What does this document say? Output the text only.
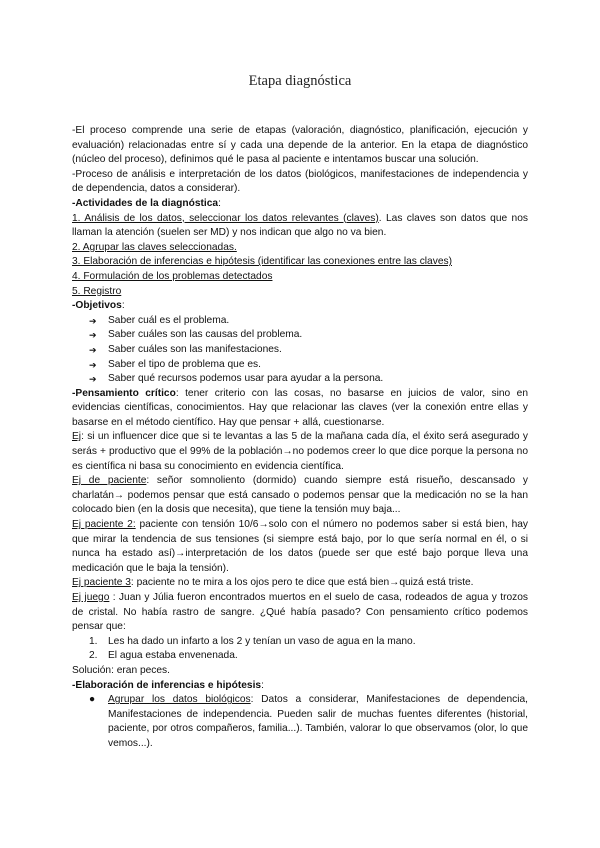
Etapa diagnóstica

-El proceso comprende una serie de etapas (valoración, diagnóstico, planificación, ejecución y evaluación) relacionadas entre sí y cada una depende de la anterior. En la etapa de diagnóstico (núcleo del proceso), definimos qué le pasa al paciente e intentamos buscar una solución.

-Proceso de análisis e interpretación de los datos (biológicos, manifestaciones de independencia y de dependencia, datos a considerar).

-Actividades de la diagnóstica:

1. Análisis de los datos, seleccionar los datos relevantes (claves). Las claves son datos que nos llaman la atención (suelen ser MD) y nos indican que algo no va bien.

2. Agrupar las claves seleccionadas.

3. Elaboración de inferencias e hipótesis (identificar las conexiones entre las claves)

4. Formulación de los problemas detectados

5. Registro

-Objetivos:

➔ Saber cuál es el problema.
➔ Saber cuáles son las causas del problema.
➔ Saber cuáles son las manifestaciones.
➔ Saber el tipo de problema que es.
➔ Saber qué recursos podemos usar para ayudar a la persona.

-Pensamiento crítico: tener criterio con las cosas, no basarse en juicios de valor, sino en evidencias científicas, conocimientos. Hay que relacionar las claves (ver la conexión entre ellas y basarse en el método científico. Hay que pensar + allá, cuestionarse.

Ej: si un influencer dice que si te levantas a las 5 de la mañana cada día, el éxito será asegurado y serás + productivo que el 99% de la población→no podemos creer lo que dice porque la persona no es científica ni basa su conocimiento en evidencia científica.

Ej de paciente: señor somnoliento (dormido) cuando siempre está risueño, descansado y charlatán→ podemos pensar que está cansado o podemos pensar que la medicación no se la han colocado bien (en la dosis que necesita), que tiene la tensión muy baja...

Ej paciente 2: paciente con tensión 10/6→solo con el número no podemos saber si está bien, hay que mirar la tendencia de sus tensiones (si siempre está bajo, por lo que sería normal en él, o si nunca ha estado así)→interpretación de los datos (puede ser que esté bajo porque lleva una medicación que le baja la tensión).

Ej paciente 3: paciente no te mira a los ojos pero te dice que está bien→quizá está triste.

Ej juego : Juan y Júlia fueron encontrados muertos en el suelo de casa, rodeados de agua y trozos de cristal. No había rastro de sangre. ¿Qué había pasado? Con pensamiento crítico podemos pensar que:

1. Les ha dado un infarto a los 2 y tenían un vaso de agua en la mano.
2. El agua estaba envenenada.

Solución: eran peces.

-Elaboración de inferencias e hipótesis:

● Agrupar los datos biológicos: Datos a considerar, Manifestaciones de dependencia, Manifestaciones de independencia. Pueden salir de muchas fuentes diferentes (historial, paciente, por otros compañeros, familia...). También, valorar lo que observamos (olor, lo que vemos...).
